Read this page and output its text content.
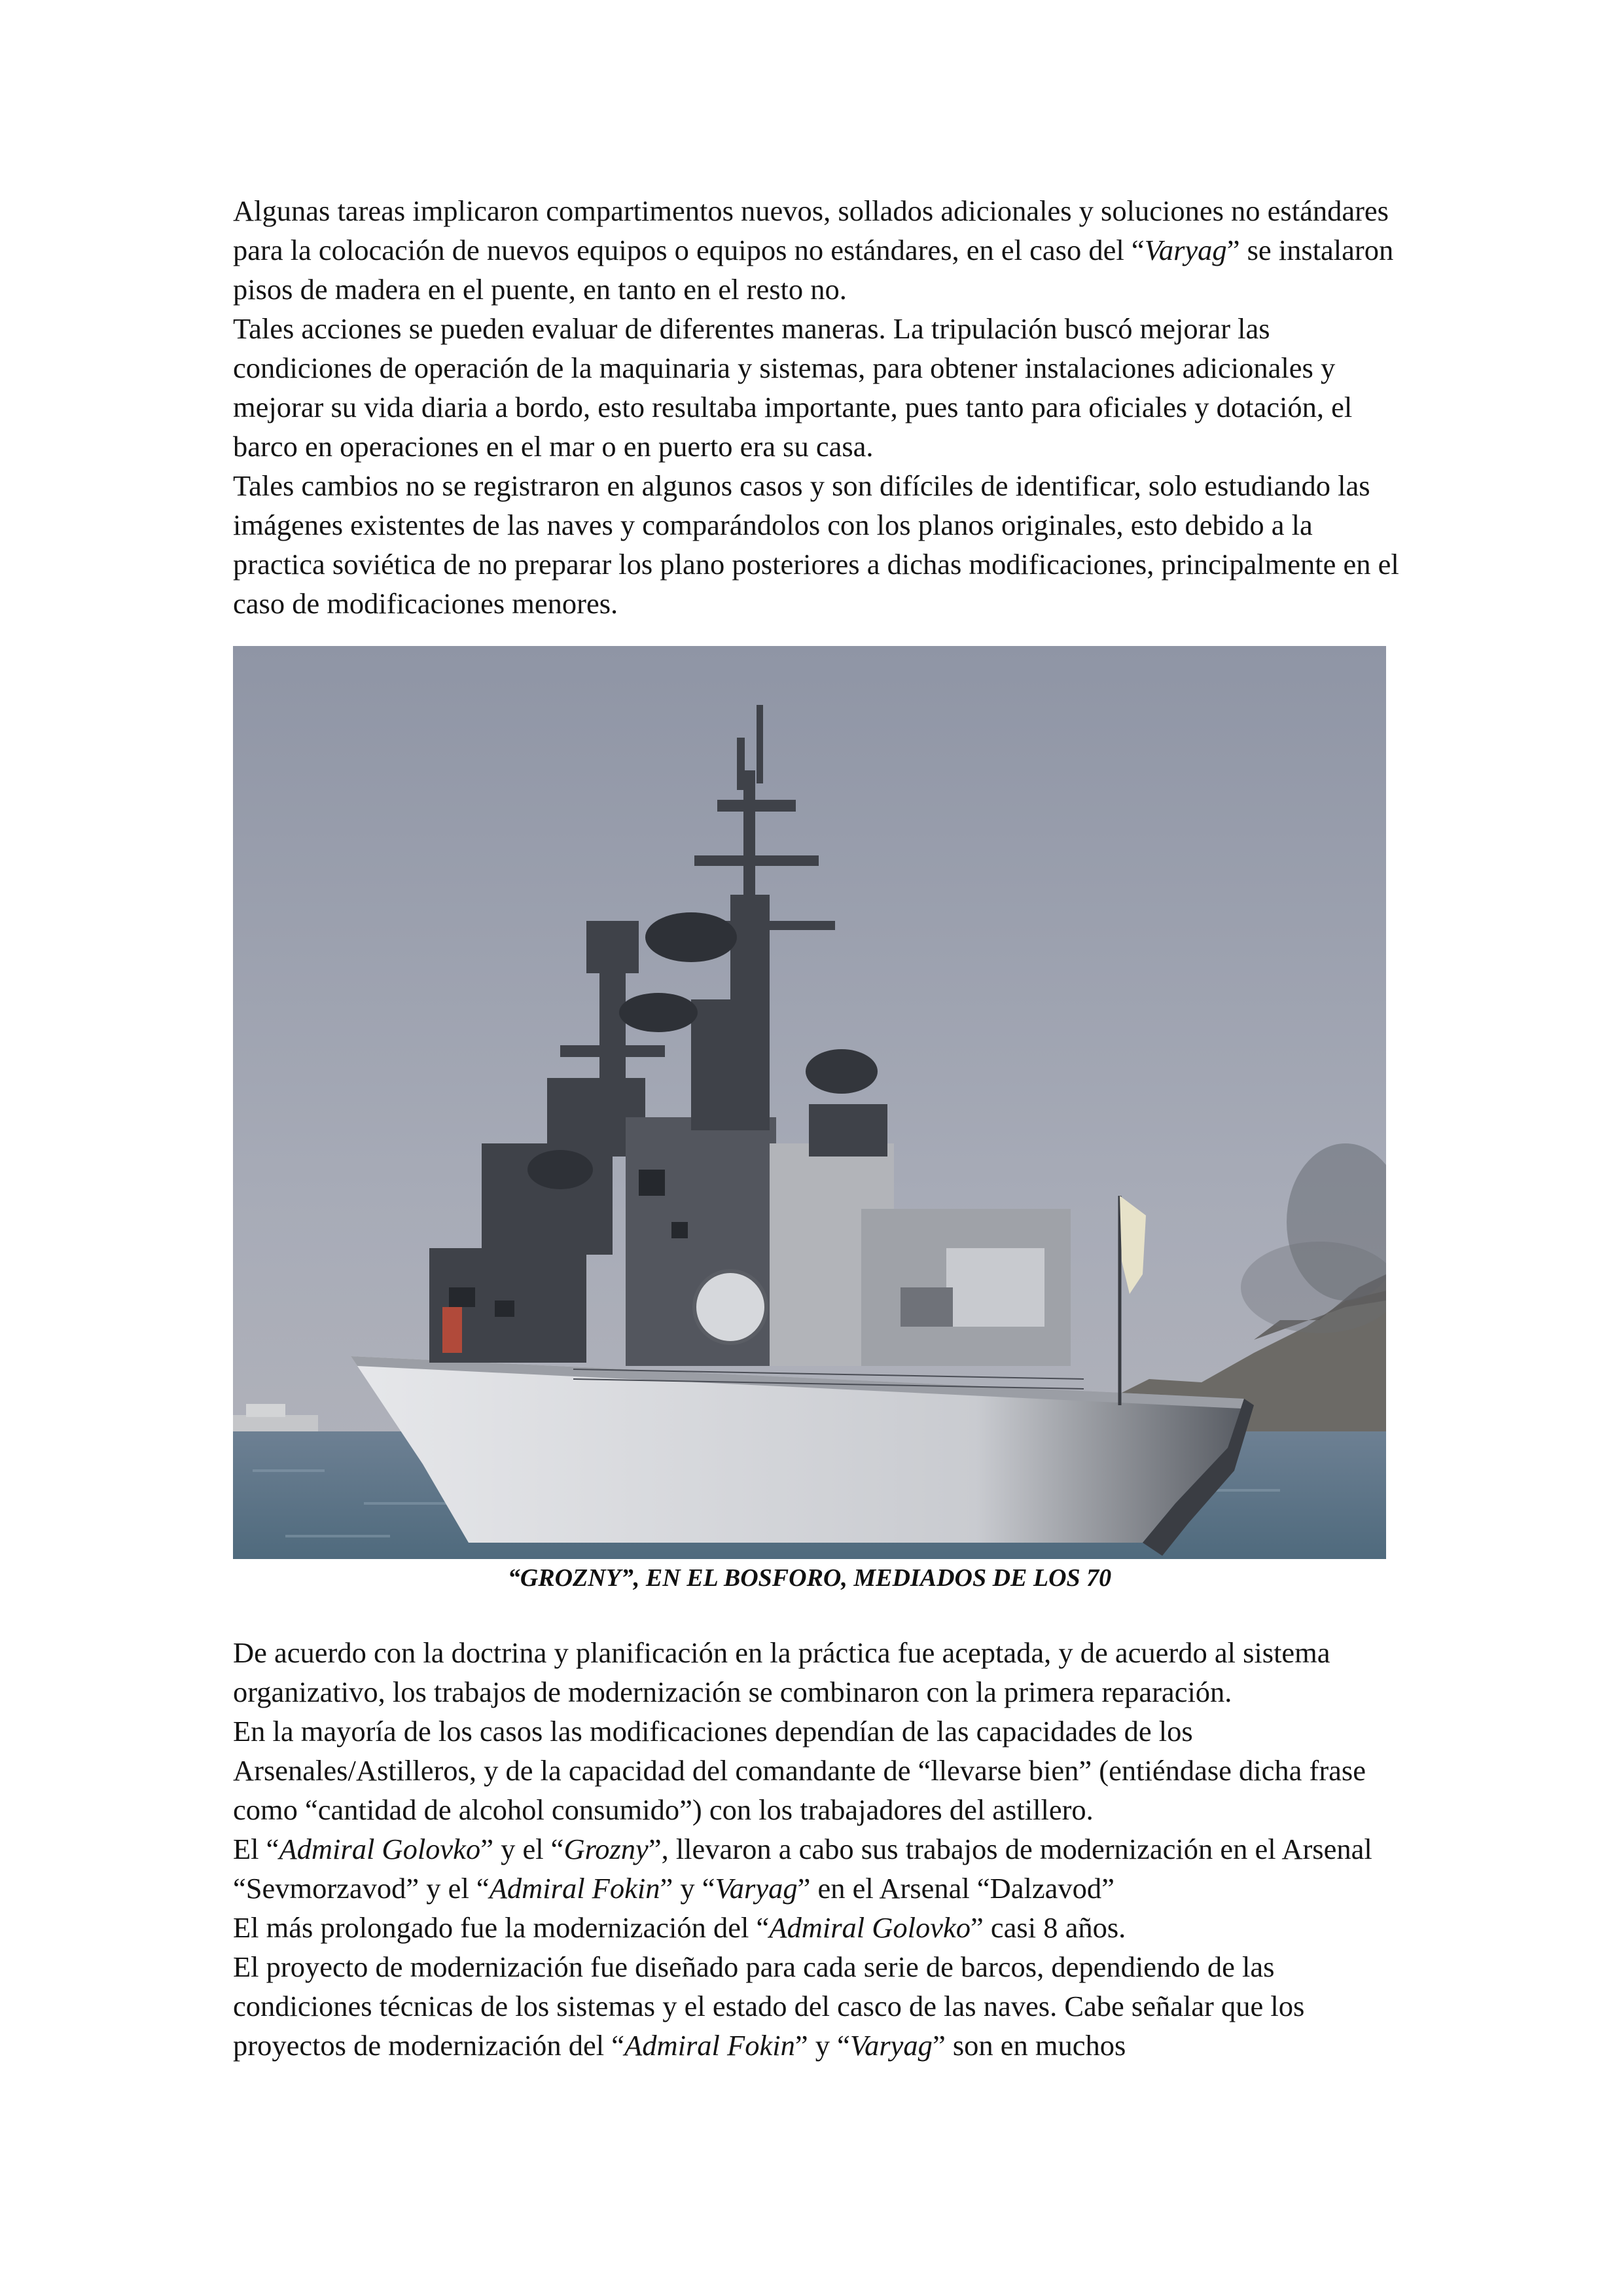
Algunas tareas implicaron compartimentos nuevos, sollados adicionales y soluciones no estándares para la colocación de nuevos equipos o equipos no estándares, en el caso del “Varyag” se instalaron pisos de madera en el puente, en tanto en el resto no.

Tales acciones se pueden evaluar de diferentes maneras. La tripulación buscó mejorar las condiciones de operación de la maquinaria y sistemas, para obtener instalaciones adicionales y mejorar su vida diaria a bordo, esto resultaba importante, pues tanto para oficiales y dotación, el barco en operaciones en el mar o en puerto era su casa.

Tales cambios no se registraron en algunos casos y son difíciles de identificar, solo estudiando las imágenes existentes de las naves y comparándolos con los planos originales, esto debido a la practica soviética de no preparar los plano posteriores a dichas modificaciones, principalmente en el caso de modificaciones menores.

“GROZNY”, EN EL BOSFORO, MEDIADOS DE LOS 70

De acuerdo con la doctrina y planificación en la práctica fue aceptada, y de acuerdo al sistema organizativo, los trabajos de modernización se combinaron con la primera reparación.

En la mayoría de los casos las modificaciones dependían de las capacidades de los Arsenales/Astilleros, y de la capacidad del comandante de “llevarse bien” (entiéndase dicha frase como “cantidad de alcohol consumido”) con los trabajadores del astillero.

El “Admiral Golovko” y el “Grozny”, llevaron a cabo sus trabajos de modernización en el Arsenal “Sevmorzavod” y el “Admiral Fokin” y “Varyag” en el Arsenal “Dalzavod”

El más prolongado fue la modernización del “Admiral Golovko” casi 8 años.

El proyecto de modernización fue diseñado para cada serie de barcos, dependiendo de las condiciones técnicas de los sistemas y el estado del casco de las naves. Cabe señalar que los proyectos de modernización del “Admiral Fokin” y “Varyag” son en muchos
